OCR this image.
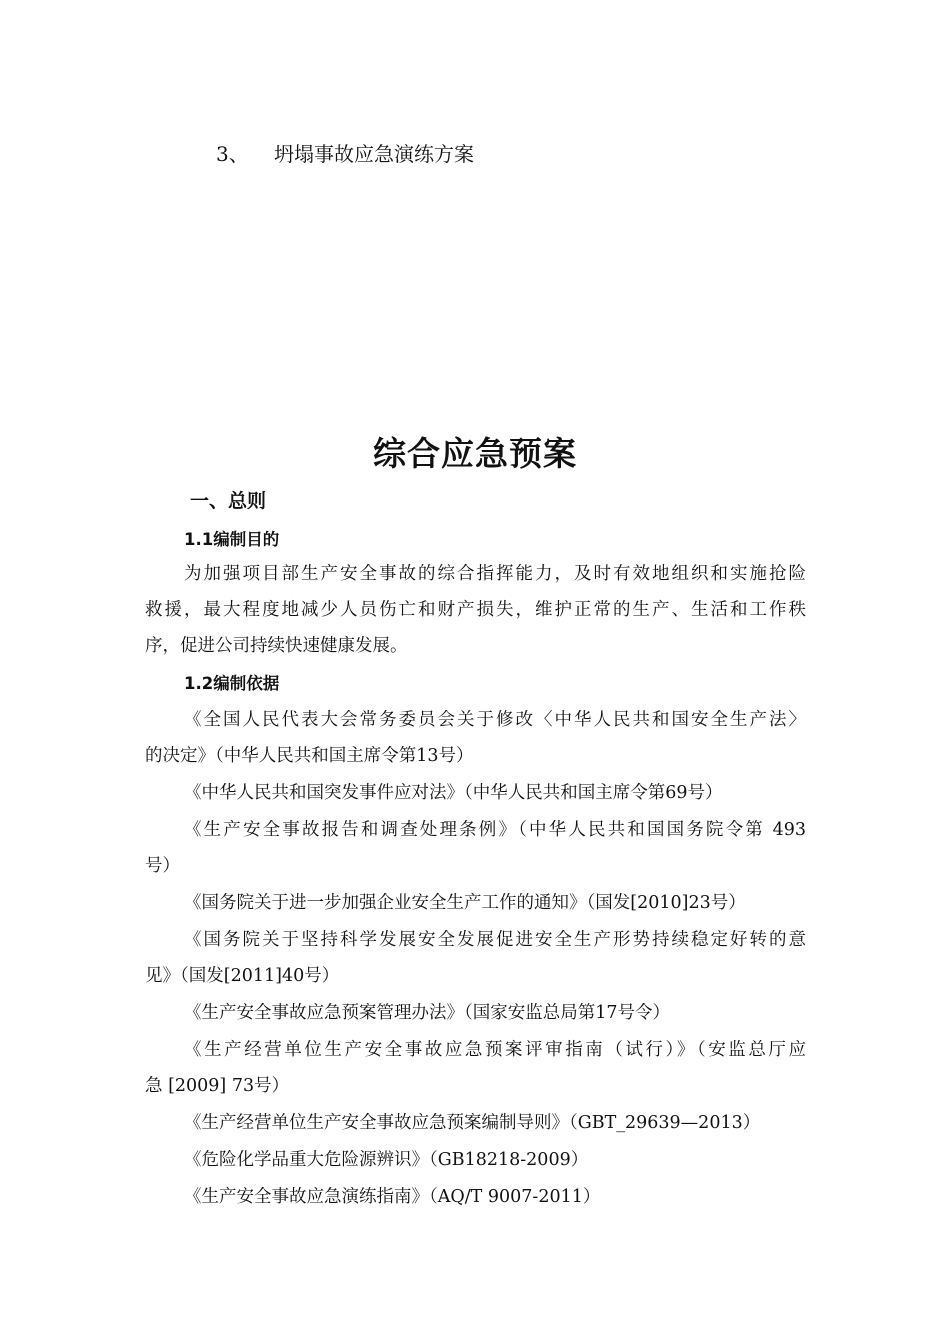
3、 坍塌事故应急演练方案
综合应急预案
一、总则
1.1编制目的
为加强项目部生产安全事故的综合指挥能力，及时有效地组织和实施抢险
救援，最大程度地减少人员伤亡和财产损失，维护正常的生产、生活和工作秩
序，促进公司持续快速健康发展。
1.2编制依据
《全国人民代表大会常务委员会关于修改〈中华人民共和国安全生产法〉
的决定》（中华人民共和国主席令第13号）
《中华人民共和国突发事件应对法》（中华人民共和国主席令第69号）
《生产安全事故报告和调查处理条例》（中华人民共和国国务院令第 493
号）
《国务院关于进一步加强企业安全生产工作的通知》（国发[2010]23号）
《国务院关于坚持科学发展安全发展促进安全生产形势持续稳定好转的意
见》（国发[2011]40号）
《生产安全事故应急预案管理办法》（国家安监总局第17号令）
《生产经营单位生产安全事故应急预案评审指南（试行）》（安监总厅应
急 [2009] 73号）
《生产经营单位生产安全事故应急预案编制导则》（GBT_29639—2013）
《危险化学品重大危险源辨识》（GB18218-2009）
《生产安全事故应急演练指南》（AQ/T 9007-2011）
